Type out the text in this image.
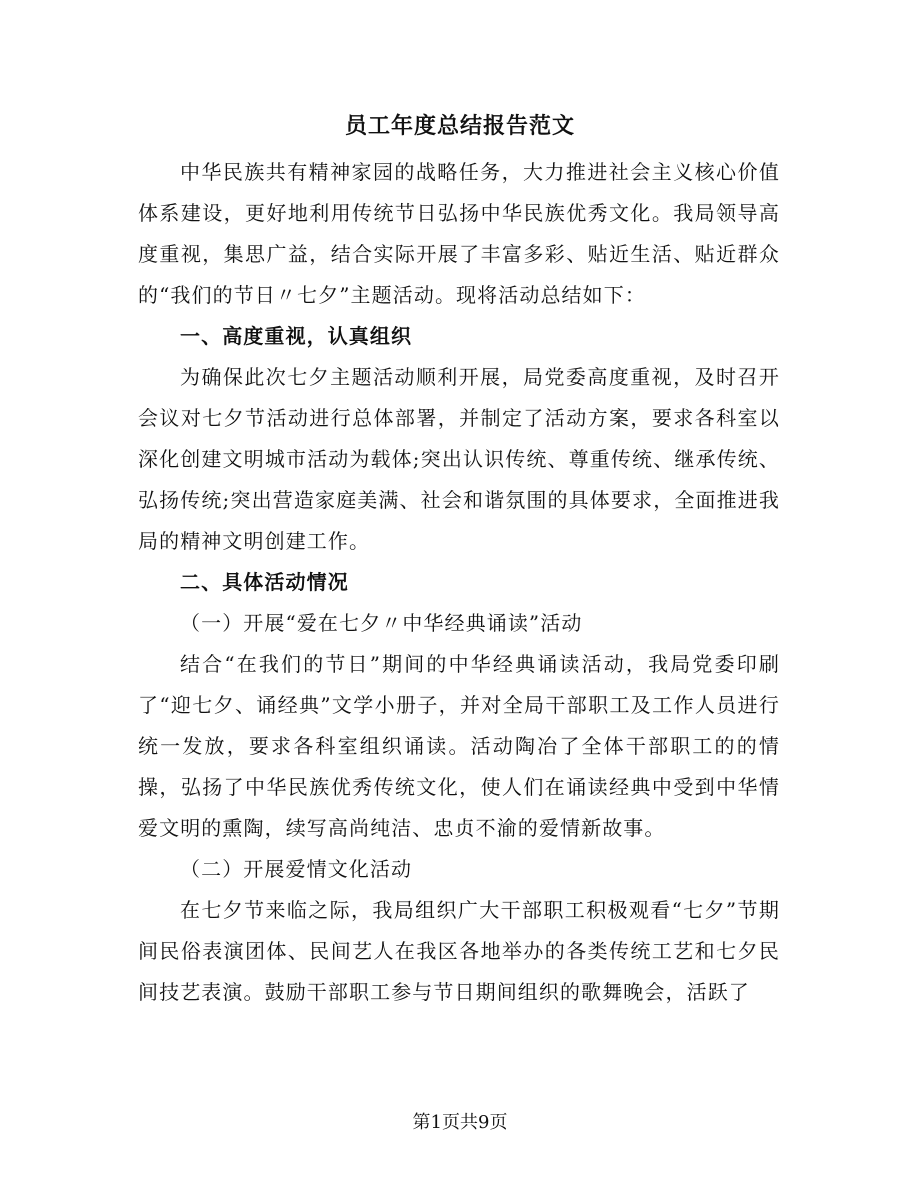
员工年度总结报告范文

中华民族共有精神家园的战略任务，大力推进社会主义核心价值体系建设，更好地利用传统节日弘扬中华民族优秀文化。我局领导高度重视，集思广益，结合实际开展了丰富多彩、贴近生活、贴近群众的“我们的节日〃七夕”主题活动。现将活动总结如下：

一、高度重视，认真组织

为确保此次七夕主题活动顺利开展，局党委高度重视，及时召开会议对七夕节活动进行总体部署，并制定了活动方案，要求各科室以深化创建文明城市活动为载体;突出认识传统、尊重传统、继承传统、弘扬传统;突出营造家庭美满、社会和谐氛围的具体要求，全面推进我局的精神文明创建工作。

二、具体活动情况

（一）开展“爱在七夕〃中华经典诵读”活动

结合“在我们的节日”期间的中华经典诵读活动，我局党委印刷了“迎七夕、诵经典”文学小册子，并对全局干部职工及工作人员进行统一发放，要求各科室组织诵读。活动陶冶了全体干部职工的的情操，弘扬了中华民族优秀传统文化，使人们在诵读经典中受到中华情爱文明的熏陶，续写高尚纯洁、忠贞不渝的爱情新故事。

（二）开展爱情文化活动

在七夕节来临之际，我局组织广大干部职工积极观看“七夕”节期间民俗表演团体、民间艺人在我区各地举办的各类传统工艺和七夕民间技艺表演。鼓励干部职工参与节日期间组织的歌舞晚会，活跃了

第1页共9页
